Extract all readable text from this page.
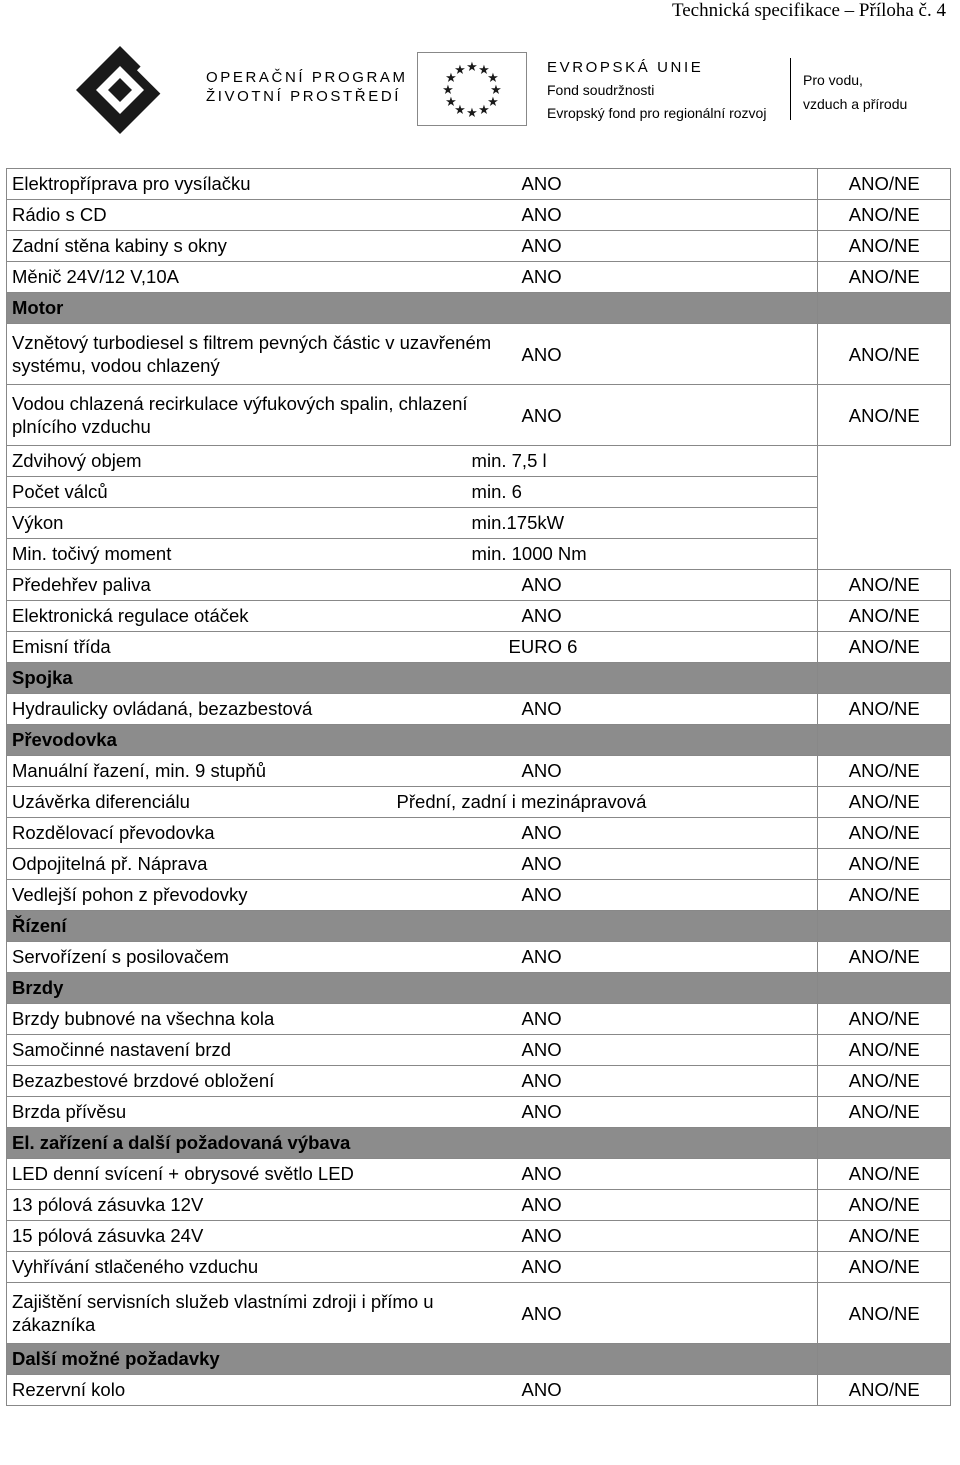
Technická specifikace – Příloha č. 4
OPERAČNÍ PROGRAM
ŽIVOTNÍ PROSTŘEDÍ
★ ★
★
★
★
★
★
★
★
★
★
★	EVROPSKÁ UNIE
Fond soudržnosti
Evropský fond pro regionální rozvoj
Pro vodu,
vzduch a přírodu
Elektropříprava pro vysílačku	ANO	ANO/NE
Rádio s CD	ANO	ANO/NE
Zadní stěna kabiny s okny	ANO	ANO/NE
Měnič 24V/12 V,10A	ANO	ANO/NE
Motor		
Vznětový turbodiesel s filtrem pevných částic v uzavřeném systému, vodou chlazený	ANO	ANO/NE
Vodou chlazená recirkulace výfukových spalin, chlazení plnícího vzduchu	ANO	ANO/NE
Zdvihový objem	min. 7,5 l	
Počet válců	min. 6	
Výkon	min.175kW	
Min. točivý moment	min. 1000 Nm	
Předehřev paliva	ANO	ANO/NE
Elektronická regulace otáček	ANO	ANO/NE
Emisní třída	EURO 6	ANO/NE
Spojka		
Hydraulicky ovládaná, bezazbestová	ANO	ANO/NE
Převodovka		
Manuální řazení, min. 9 stupňů	ANO	ANO/NE
Uzávěrka diferenciálu	Přední, zadní i mezinápravová	ANO/NE
Rozdělovací převodovka	ANO	ANO/NE
Odpojitelná př. Náprava	ANO	ANO/NE
Vedlejší pohon z převodovky	ANO	ANO/NE
Řízení		
Servořízení s posilovačem	ANO	ANO/NE
Brzdy		
Brzdy bubnové na všechna kola	ANO	ANO/NE
Samočinné nastavení brzd	ANO	ANO/NE
Bezazbestové brzdové obložení	ANO	ANO/NE
Brzda přívěsu	ANO	ANO/NE
El. zařízení a další požadovaná výbava		
LED denní svícení + obrysové světlo LED	ANO	ANO/NE
13 pólová zásuvka 12V	ANO	ANO/NE
15 pólová zásuvka 24V	ANO	ANO/NE
Vyhřívání stlačeného vzduchu	ANO	ANO/NE
Zajištění servisních služeb vlastními zdroji i přímo u zákazníka	ANO	ANO/NE
Další možné požadavky		
Rezervní kolo	ANO	ANO/NE
